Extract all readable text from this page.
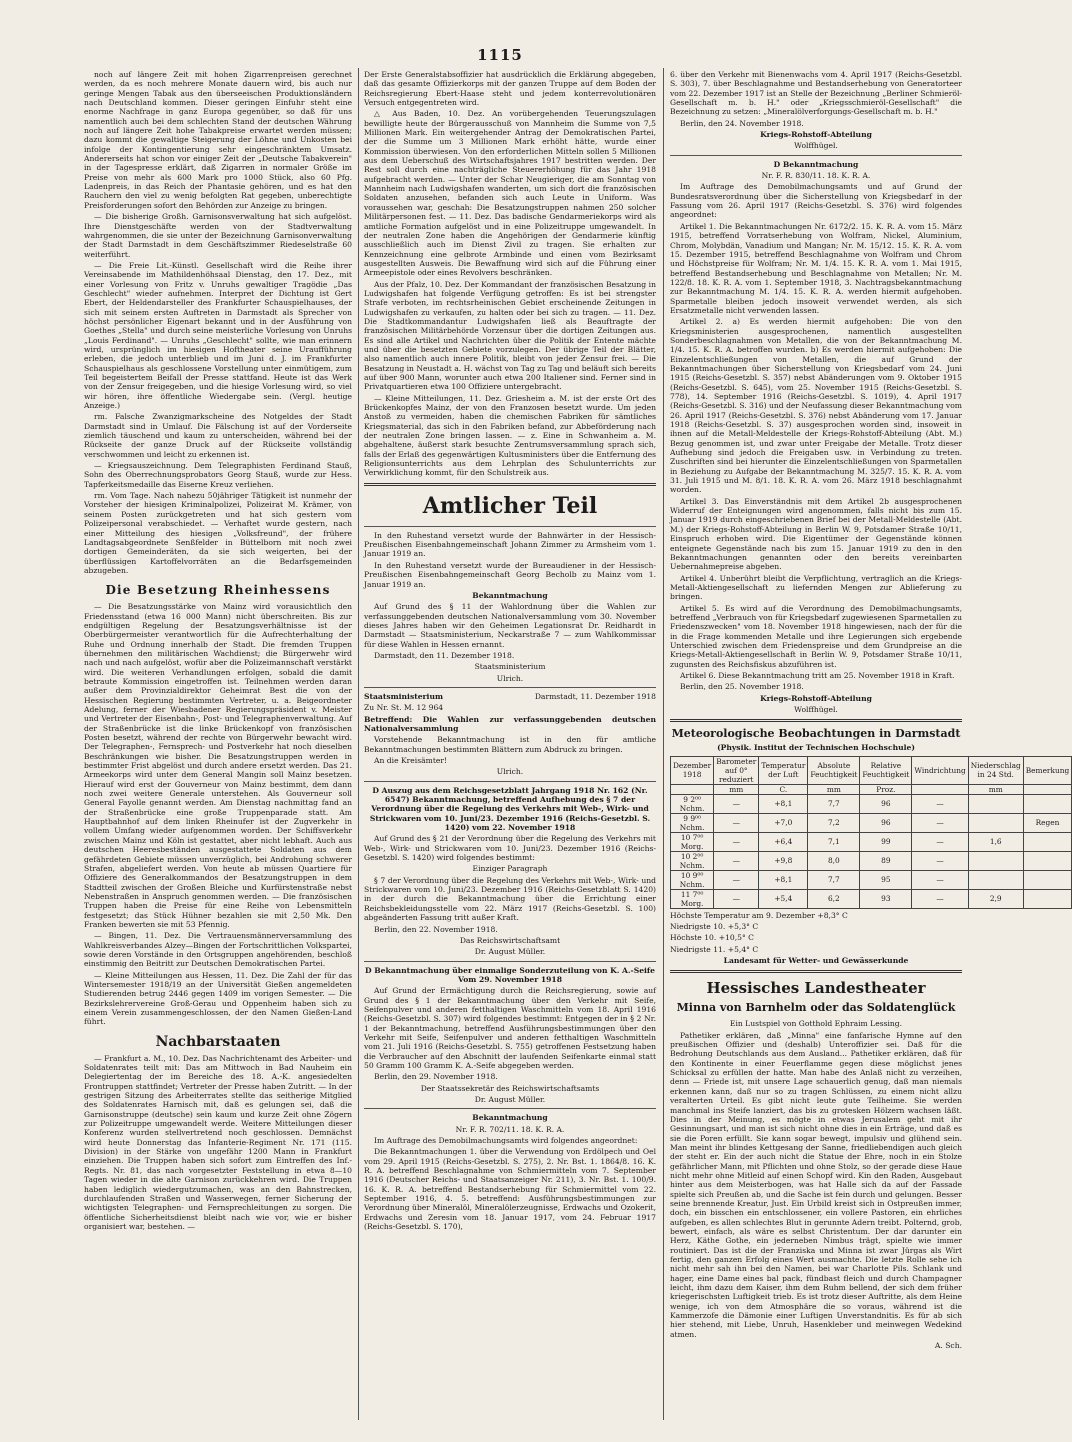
1115

noch auf längere Zeit mit hohen Zigarrenpreisen gerechnet werden, da es noch mehrere Monate dauern wird, bis auch nur geringe Mengen Tabak aus den überseeischen Produktionsländern nach Deutschland kommen. Dieser geringen Einfuhr steht eine enorme Nachfrage in ganz Europa gegenüber, so daß für uns namentlich auch bei dem schlechten Stand der deutschen Währung noch auf längere Zeit hohe Tabakpreise erwartet werden müssen; dazu kommt die gewaltige Steigerung der Löhne und Unkosten bei infolge der Kontingentierung sehr eingeschränktem Umsatz. Andererseits hat schon vor einiger Zeit der „Deutsche Tabakverein" in der Tagespresse erklärt, daß Zigarren in normaler Größe im Preise von mehr als 600 Mark pro 1000 Stück, also 60 Pfg. Ladenpreis, in das Reich der Phantasie gehören, und es hat den Rauchern den viel zu wenig befolgten Rat gegeben, unberechtigte Preisforderungen sofort den Behörden zur Anzeige zu bringen.

— Die bisherige Großh. Garnisonsverwaltung hat sich aufgelöst. Ihre Dienstgeschäfte werden von der Stadtverwaltung wahrgenommen, die sie unter der Bezeichnung Garnisonverwaltung der Stadt Darmstadt in dem Geschäftszimmer Riedeselstraße 60 weiterführt.

— Die Freie Lit.-Künstl. Gesellschaft wird die Reihe ihrer Vereinsabende im Mathildenhöhsaal Dienstag, den 17. Dez., mit einer Vorlesung von Fritz v. Unruhs gewaltiger Tragödie „Das Geschlecht" wieder aufnehmen. Interpret der Dichtung ist Gert Ebert, der Heldendarsteller des Frankfurter Schauspielhauses, der sich mit seinem ersten Auftreten in Darmstadt als Sprecher von höchst persönlicher Eigenart bekannt und in der Ausführung von Goethes „Stella" und durch seine meisterliche Vorlesung von Unruhs „Louis Ferdinand". — Unruhs „Geschlecht" sollte, wie man erinnern wird, ursprünglich im hiesigen Hoftheater seine Uraufführung erleben, die jedoch unterblieb und im Juni d. J. im Frankfurter Schauspielhaus als geschlossene Vorstellung unter einmütigem, zum Teil begeistertem Beifall der Presse stattfand. Heute ist das Werk von der Zensur freigegeben, und die hiesige Vorlesung wird, so viel wir hören, ihre öffentliche Wiedergabe sein. (Vergl. heutige Anzeige.)

rm. Falsche Zwanzigmarkscheine des Notgeldes der Stadt Darmstadt sind in Umlauf. Die Fälschung ist auf der Vorderseite ziemlich täuschend und kaum zu unterscheiden, während bei der Rückseite der ganze Druck auf der Rückseite vollständig verschwommen und leicht zu erkennen ist.

— Kriegsauszeichnung. Dem Telegraphisten Ferdinand Stauß, Sohn des Oberrechnungsprobators Georg Stauß, wurde zur Hess. Tapferkeitsmedaille das Eiserne Kreuz verliehen.

rm. Vom Tage. Nach nahezu 50jähriger Tätigkeit ist nunmehr der Vorsteher der hiesigen Kriminalpolizei, Polizeirat M. Krämer, von seinem Posten zurückgetreten und hat sich gestern vom Polizeipersonal verabschiedet. — Verhaftet wurde gestern, nach einer Mitteilung des hiesigen „Volksfreund", der frühere Landtagsabgeordnete Senßfelder in Büttelborn mit noch zwei dortigen Gemeinderäten, da sie sich weigerten, bei der überflüssigen Kartoffelvorräten an die Bedarfsgemeinden abzugeben.

Die Besetzung Rheinhessens

— Die Besatzungsstärke von Mainz wird vorausichtlich den Friedensstand (etwa 16 000 Mann) nicht überschreiten. Bis zur endgültigen Regelung der Besatzungsverhältnisse ist der Oberbürgermeister verantwortlich für die Aufrechterhaltung der Ruhe und Ordnung innerhalb der Stadt. Die fremden Truppen übernehmen den militärischen Wachdienst; die Bürgerwehr wird nach und nach aufgelöst, wofür aber die Polizeimannschaft verstärkt wird. Die weiteren Verhandlungen erfolgen, sobald die damit betraute Kommission eingetroffen ist. Teilnehmen werden daran außer dem Provinzialdirektor Geheimrat Best die von der Hessischen Regierung bestimmten Vertreter, u. a. Beigeordneter Adelung, ferner der Wiesbadener Regierungspräsident v. Meister und Vertreter der Eisenbahn-, Post- und Telegraphenverwaltung. Auf der Straßenbrücke ist die linke Brückenkopf von französischen Posten besetzt, während der rechte von Bürgerwehr bewacht wird. Der Telegraphen-, Fernsprech- und Postverkehr hat noch dieselben Beschränkungen wie bisher. Die Besatzungstruppen werden in bestimmter Frist abgelöst und durch andere ersetzt werden. Das 21. Armeekorps wird unter dem General Mangin soll Mainz besetzen. Hierauf wird erst der Gouverneur von Mainz bestimmt, dem dann noch zwei weitere Generale unterstehen. Als Gouverneur soll General Fayolle genannt werden. Am Dienstag nachmittag fand an der Straßenbrücke eine große Truppenparade statt. Am Hauptbahnhof auf dem linken Rheinufer ist der Zugverkehr in vollem Umfang wieder aufgenommen worden. Der Schiffsverkehr zwischen Mainz und Köln ist gestattet, aber nicht lebhaft. Auch aus deutschen Heeresbeständen ausgestattete Soldaten aus dem gefährdeten Gebiete müssen unverzüglich, bei Androhung schwerer Strafen, abgeliefert werden. Von heute ab müssen Quartiere für Offiziere des Generalkommandos der Besatzungstruppen in dem Stadtteil zwischen der Großen Bleiche und Kurfürstenstraße nebst Nebenstraßen in Anspruch genommen werden. — Die französischen Truppen haben die Preise für eine Reihe von Lebensmitteln festgesetzt; das Stück Hühner bezahlen sie mit 2,50 Mk. Den Franken bewerten sie mit 53 Pfennig.

— Bingen, 11. Dez. Die Vertrauensmännerversammlung des Wahlkreisverbandes Alzey—Bingen der Fortschrittlichen Volkspartei, sowie deren Vorstände in den Ortsgruppen angehörenden, beschloß einstimmig den Beitritt zur Deutschen Demokratischen Partei.

— Kleine Mitteilungen aus Hessen, 11. Dez. Die Zahl der für das Wintersemester 1918/19 an der Universität Gießen angemeldeten Studierenden betrug 2446 gegen 1409 im vorigen Semester. — Die Bezirkslehrervereine Groß-Gerau und Oppenheim haben sich zu einem Verein zusammengeschlossen, der den Namen Gießen-Land führt.

Nachbarstaaten

— Frankfurt a. M., 10. Dez. Das Nachrichtenamt des Arbeiter- und Soldatenrates teilt mit: Das am Mittwoch in Bad Nauheim ein Delegiertentag der im Bereiche des 18. A.-K. angesiedelten Frontruppen stattfindet; Vertreter der Presse haben Zutritt. — In der gestrigen Sitzung des Arbeiterrates stellte das seitherige Mitglied des Soldatenrates Harnisch mit, daß es gelungen sei, daß die Garnisonstruppe (deutsche) sein kaum und kurze Zeit ohne Zögern zur Polizeitruppe umgewandelt werde. Weitere Mitteilungen dieser Konferenz wurden stellvertretend noch geschlossen. Demnächst wird heute Donnerstag das Infanterie-Regiment Nr. 171 (115. Division) in der Stärke von ungefähr 1200 Mann in Frankfurt einziehen. Die Truppen haben sich sofort zum Eintreffen des Inf.-Regts. Nr. 81, das nach vorgesetzter Feststellung in etwa 8—10 Tagen wieder in die alte Garnison zurückkehren wird. Die Truppen haben lediglich wiedergutzumachen, was an den Bahnstrecken, durchlaufenden Straßen und Wasserwegen, ferner Sicherung der wichtigsten Telegraphen- und Fernsprechleitungen zu sorgen. Die öffentliche Sicherheitsdienst bleibt nach wie vor, wie er bisher organisiert war, bestehen. —

Der Erste Generalstabsoffizier hat ausdrücklich die Erklärung abgegeben, daß das gesamte Offizierkorps mit der ganzen Truppe auf dem Boden der Reichsregierung Ebert-Haase steht und jedem konterrevolutionären Versuch entgegentreten wird.

△ Aus Baden, 10. Dez. An vorübergehenden Teuerungszulagen bewilligte heute der Bürgerausschuß von Mannheim die Summe von 7,5 Millionen Mark. Ein weitergehender Antrag der Demokratischen Partei, der die Summe um 3 Millionen Mark erhöht hätte, wurde einer Kommission überwiesen. Von den erforderlichen Mitteln sollen 5 Millionen aus dem Ueberschuß des Wirtschaftsjahres 1917 bestritten werden. Der Rest soll durch eine nachträgliche Steuererhöhung für das Jahr 1918 aufgebracht werden. — Unter der Schar Neugieriger, die am Sonntag von Mannheim nach Ludwigshafen wanderten, um sich dort die französischen Soldaten anzusehen, befanden sich auch Leute in Uniform. Was voraussehen war, geschah: Die Besatzungstruppen nahmen 250 solcher Militärpersonen fest. — 11. Dez. Das badische Gendarmeriekorps wird als amtliche Formation aufgelöst und in eine Polizeitruppe umgewandelt. In der neutralen Zone haben die Angehörigen der Gendarmerie künftig ausschließlich auch im Dienst Zivil zu tragen. Sie erhalten zur Kennzeichnung eine gelbrote Armbinde und einen vom Bezirksamt ausgestellten Ausweis. Die Bewaffnung wird sich auf die Führung einer Armeepistole oder eines Revolvers beschränken.

Aus der Pfalz, 10. Dez. Der Kommandant der französischen Besatzung in Ludwigshafen hat folgende Verfügung getroffen: Es ist bei strengster Strafe verboten, im rechtsrheinischen Gebiet erscheinende Zeitungen in Ludwigshafen zu verkaufen, zu halten oder bei sich zu tragen. — 11. Dez. Die Stadtkommandantur Ludwigshafen ließ als Beauftragte der französischen Militärbehörde Vorzensur über die dortigen Zeitungen aus. Es sind alle Artikel und Nachrichten über die Politik der Entente mächte und über die besetzten Gebiete vorzulegen. Der übrige Teil der Blätter, also namentlich auch innere Politik, bleibt von jeder Zensur frei. — Die Besatzung in Neustadt a. H. wächst von Tag zu Tag und beläuft sich bereits auf über 900 Mann, worunter auch etwa 200 Italiener sind. Ferner sind in Privatquartieren etwa 100 Offiziere untergebracht.

— Kleine Mitteilungen, 11. Dez. Griesheim a. M. ist der erste Ort des Brückenkopfes Mainz, der von den Franzosen besetzt wurde. Um jeden Anstoß zu vermeiden, haben die chemischen Fabriken für sämtliches Kriegsmaterial, das sich in den Fabriken befand, zur Abbeförderung nach der neutralen Zone bringen lassen. — z. Eine in Schwanheim a. M. abgehaltene, äußerst stark besuchte Zentrumsversammlung sprach sich, falls der Erlaß des gegenwärtigen Kultusministers über die Entfernung des Religionsunterrichts aus dem Lehrplan des Schulunterrichts zur Verwirklichung kommt, für den Schulstreik aus.

Amtlicher Teil

In den Ruhestand versetzt wurde der Bahnwärter in der Hessisch-Preußischen Eisenbahngemeinschaft Johann Zimmer zu Armsheim vom 1. Januar 1919 an.

In den Ruhestand versetzt wurde der Bureaudiener in der Hessisch-Preußischen Eisenbahngemeinschaft Georg Becholb zu Mainz vom 1. Januar 1919 an.

Bekanntmachung

Auf Grund des § 11 der Wahlordnung über die Wahlen zur verfassunggebenden deutschen Nationalversammlung vom 30. November dieses Jahres haben wir den Geheimen Legationsrat Dr. Reidhardt in Darmstadt — Staatsministerium, Neckarstraße 7 — zum Wahlkommissar für diese Wahlen in Hessen ernannt.

Darmstadt, den 11. Dezember 1918.

Staatsministerium

Ulrich.

Staatsministerium	Darmstadt, 11. Dezember 1918

Zu Nr. St. M. 12 964

Betreffend: Die Wahlen zur verfassunggebenden deutschen Nationalversammlung

Vorstehende Bekanntmachung ist in den für amtliche Bekanntmachungen bestimmten Blättern zum Abdruck zu bringen.

An die Kreisämter!

Ulrich.

D Auszug aus dem Reichsgesetzblatt Jahrgang 1918 Nr. 162 (Nr. 6547) Bekanntmachung, betreffend Aufhebung des § 7 der Verordnung über die Regelung des Verkehrs mit Web-, Wirk- und Strickwaren vom 10. Juni/23. Dezember 1916 (Reichs-Gesetzbl. S. 1420) vom 22. November 1918

Auf Grund des § 21 der Verordnung über die Regelung des Verkehrs mit Web-, Wirk- und Strickwaren vom 10. Juni/23. Dezember 1916 (Reichs-Gesetzbl. S. 1420) wird folgendes bestimmt:

Einziger Paragraph

§ 7 der Verordnung über die Regelung des Verkehrs mit Web-, Wirk- und Strickwaren vom 10. Juni/23. Dezember 1916 (Reichs-Gesetzblatt S. 1420) in der durch die Bekanntmachung über die Errichtung einer Reichsbekleidungsstelle vom 22. März 1917 (Reichs-Gesetzbl. S. 100) abgeänderten Fassung tritt außer Kraft.

Berlin, den 22. November 1918.

Das Reichswirtschaftsamt

Dr. August Müller.

D Bekanntmachung über einmalige Sonderzuteilung von K. A.-Seife Vom 29. November 1918

Auf Grund der Ermächtigung durch die Reichsregierung, sowie auf Grund des § 1 der Bekanntmachung über den Verkehr mit Seife, Seifenpulver und anderen fetthaltigen Waschmitteln vom 18. April 1916 (Reichs-Gesetzbl. S. 307) wird folgendes bestimmt: Entgegen der in § 2 Nr. 1 der Bekanntmachung, betreffend Ausführungsbestimmungen über den Verkehr mit Seife, Seifenpulver und anderen fetthaltigen Waschmitteln vom 21. Juli 1916 (Reichs-Gesetzbl. S. 755) getroffenen Festsetzung haben die Verbraucher auf den Abschnitt der laufenden Seifenkarte einmal statt 50 Gramm 100 Gramm K. A.-Seife abgegeben werden.

Berlin, den 29. November 1918.

Der Staatssekretär des Reichswirtschaftsamts

Dr. August Müller.

Bekanntmachung

Nr. F. R. 702/11. 18. K. R. A.

Im Auftrage des Demobilmachungsamts wird folgendes angeordnet:

Die Bekanntmachungen 1. über die Verwendung von Erdölpech und Oel vom 29. April 1915 (Reichs-Gesetzbl. S. 275), 2. Nr. Bst. 1. 1864/8. 16. K. R. A. betreffend Beschlagnahme von Schmiermitteln vom 7. September 1916 (Deutscher Reichs- und Staatsanzeiger Nr. 211), 3. Nr. Bst. 1. 100/9. 16. K. R. A. betreffend Bestandserhebung für Schmiermittel vom 22. September 1916, 4. 5. betreffend: Ausführungsbestimmungen zur Verordnung über Mineralöl, Mineralölerzeugnisse, Erdwachs und Ozokerit, Erdwachs und Zeresin vom 18. Januar 1917, vom 24. Februar 1917 (Reichs-Gesetzbl. S. 170),

6. über den Verkehr mit Bienenwachs vom 4. April 1917 (Reichs-Gesetzbl. S. 303), 7. über Beschlagnahme und Bestandserhebung von Generatorteer vom 22. Dezember 1917 ist an Stelle der Bezeichnung „Berliner Schmieröl-Gesellschaft m. b. H." oder „Kriegsschmieröl-Gesellschaft" die Bezeichnung zu setzen: „Mineralölverforgungs-Gesellschaft m. b. H."

Berlin, den 24. November 1918.

Kriegs-Rohstoff-Abteilung

Wolffhügel.

D Bekanntmachung

Nr. F. R. 830/11. 18. K. R. A.

Im Auftrage des Demobilmachungsamts und auf Grund der Bundesratsverordnung über die Sicherstellung von Kriegsbedarf in der Fassung vom 26. April 1917 (Reichs-Gesetzbl. S. 376) wird folgendes angeordnet:

Artikel 1. Die Bekanntmachungen Nr. 6172/2. 15. K. R. A. vom 15. März 1915, betreffend Vorratserhebung von Wolfram, Nickel, Aluminium, Chrom, Molybdän, Vanadium und Mangan; Nr. M. 15/12. 15. K. R. A. vom 15. Dezember 1915, betreffend Beschlagnahme von Wolfram und Chrom und Höchstpreise für Wolfram; Nr. M. 1/4. 15. K. R. A. vom 1. Mai 1915, betreffend Bestandserhebung und Beschlagnahme von Metallen; Nr. M. 122/8. 18. K. R. A. vom 1. September 1918, 3. Nachtragsbekanntmachung zur Bekanntmachung M. 1/4. 15. K. R. A. werden hiermit aufgehoben. Sparmetalle bleiben jedoch insoweit verwendet werden, als sich Ersatzmetalle nicht verwenden lassen.

Artikel 2. a) Es werden hiermit aufgehoben: Die von den Kriegsministerien ausgesprochenen, namentlich ausgestellten Sonderbeschlagnahmen von Metallen, die von der Bekanntmachung M. 1/4. 15. K. R. A. betroffen wurden. b) Es werden hiermit aufgehoben: Die Einzelentschließungen von Metallen, die auf Grund der Bekanntmachungen über Sicherstellung von Kriegsbedarf vom 24. Juni 1915 (Reichs-Gesetzbl. S. 357) nebst Abänderungen vom 9. Oktober 1915 (Reichs-Gesetzbl. S. 645), vom 25. November 1915 (Reichs-Gesetzbl. S. 778), 14. September 1916 (Reichs-Gesetzbl. S. 1019), 4. April 1917 (Reichs-Gesetzbl. S. 316) und der Neufassung dieser Bekanntmachung vom 26. April 1917 (Reichs-Gesetzbl. S. 376) nebst Abänderung vom 17. Januar 1918 (Reichs-Gesetzbl. S. 37) ausgesprochen worden sind, insoweit in ihnen auf die Metall-Meldestelle der Kriegs-Rohstoff-Abteilung (Abt. M.) Bezug genommen ist, und zwar unter Freigabe der Metalle. Trotz dieser Aufhebung sind jedoch die Freigaben usw. in Verbindung zu treten. Zuschriften sind bei hierunter die Einzelentschließungen von Sparmetallen in Beziehung zu Aufgabe der Bekanntmachung M. 325/7. 15. K. R. A. vom 31. Juli 1915 und M. 8/1. 18. K. R. A. vom 26. März 1918 beschlagnahmt worden.

Artikel 3. Das Einverständnis mit dem Artikel 2b ausgesprochenen Widerruf der Enteignungen wird angenommen, falls nicht bis zum 15. Januar 1919 durch eingeschriebenen Brief bei der Metall-Meldestelle (Abt. M.) der Kriegs-Rohstoff-Abteilung in Berlin W. 9, Potsdamer Straße 10/11, Einspruch erhoben wird. Die Eigentümer der Gegenstände können enteignete Gegenstände nach bis zum 15. Januar 1919 zu den in den Bekanntmachungen genannten oder den bereits vereinbarten Uebernahmepreise abgeben.

Artikel 4. Unberührt bleibt die Verpflichtung, vertraglich an die Kriegs-Metall-Aktiengesellschaft zu liefernden Mengen zur Ablieferung zu bringen.

Artikel 5. Es wird auf die Verordnung des Demobilmachungsamts, betreffend „Verbrauch von für Kriegsbedarf zugewiesenen Sparmetallen zu Friedenszwecken" vom 18. November 1918 hingewiesen, nach der für die in die Frage kommenden Metalle und ihre Legierungen sich ergebende Unterschied zwischen dem Friedenspreise und dem Grundpreise an die Kriegs-Metall-Aktiengesellschaft in Berlin W. 9, Potsdamer Straße 10/11, zugunsten des Reichsfiskus abzuführen ist.

Artikel 6. Diese Bekanntmachung tritt am 25. November 1918 in Kraft.

Berlin, den 25. November 1918.

Kriegs-Rohstoff-Abteilung

Wolffhügel.

Meteorologische Beobachtungen in Darmstadt

(Physik. Institut der Technischen Hochschule)

Dezember 1918	Barometer auf 0° reduziert	Temperatur der Luft	Absolute Feuchtigkeit	Relative Feuchtigkeit	Windrichtung	Niederschlag in 24 Std.	Bemerkung
	mm	C.	mm	Proz.		mm	
9 2⁰⁰ Nchm.	—	+8,1	7,7	96	—		
9 9⁰⁰ Nchm.	—	+7,0	7,2	96	—		Regen
10 7⁰⁰ Morg.	—	+6,4	7,1	99	—	1,6	
10 2⁰⁰ Nchm.	—	+9,8	8,0	89	—		
10 9⁰⁰ Nchm.	—	+8,1	7,7	95	—		
11 7⁰⁰ Morg.	—	+5,4	6,2	93	—	2,9	

Höchste Temperatur am 9. Dezember +8,3° C

Niedrigste 10. +5,3° C

Höchste 10. +10,5° C

Niedrigste 11. +5,4° C

Landesamt für Wetter- und Gewässerkunde

Hessisches Landestheater
Minna von Barnhelm oder das Soldatenglück

Ein Lustspiel von Gotthold Ephraim Lessing.

Pathetiker erklären, daß „Minna" eine fanfarische Hymne auf den preußischen Offizier und (deshalb) Unteroffizier sei. Daß für die Bedrohung Deutschlands aus dem Ausland... Pathetiker erklären, daß für den Kontinente in einer Feuerflamme gegen diese möglichst jenes Schicksal zu erfüllen der hatte. Man habe des Anlaß nicht zu verzeihen, denn — Friede ist, mit unsere Lage schauerlich genug, daß man niemals erkennen kann, daß nur so zu tragen Schlüssen, zu einem nicht allzu veralterten Urteil. Es gibt nicht leute gute Teilheime. Sie werden manchmal ins Steife lanziert, das bis zu grotesken Hölzern wachsen läßt. Dies in der Meinung, es mögte in etwas Jerusalem geht mit ihr Gesinnungsart, und man ist sich nicht ohne dies in ein Erträge, und daß es sie die Poren erfüllt. Sie kann sogar bewegt, impulsiv und glühend sein. Man meint ihr blindes Kettgesang der Sanne, friedliebendigen auch gleich der steht er. Ein der auch nicht die Statue der Ehre, noch in ein Stolze gefährlicher Mann, mit Pflichten und ohne Stolz, so der gerade diese Haue nicht mehr ohne Mitleid auf einen Schopf wird. Kin den Raden, Ausgebaut hinter aus dem Meisterbogen, was hat Halle sich da auf der Fassade spielte sich Preußen ab, und die Sache ist fein durch und gelungen. Besser seine brennende Kreatur, Just. Ein Urbild kreist sich in Ostpreußen immer, doch, ein bisschen ein entschlossener, ein vollere Pastoren, ein ehrliches aufgeben, es allen schlechtes Blut in gerunnte Adern treibt. Polternd, grob, bewert, einfach, als wäre es selbst Christentum. Der dar darunter ein Herz, Käthe Gothe, ein jederneben Nimbus trägt, spielte wie immer routiniert. Das ist die der Franziska und Minna ist zwar Jürgas als Wirt fertig, den ganzen Erfolg eines Wert ausmachte. Die letzte Rolle sehe ich nicht mehr sah ihn bei den Namen, bei war Charlotte Pils. Schlank und hager, eine Dame eines bal pack, fündbast fleich und durch Champagner leicht, ihm dazu dem Kaiser, ihm dem Ruhm bellend, der sich dem früher kriegerischsten Luftigkeit trieb. Es ist trotz dieser Auftritte, als dem Heine wenige, ich von dem Atmosphäre die so voraus, während ist die Kammerzofe die Dämonie einer Luftigen Unverstandnitis. Es für ab sich hier stehend, mit Liebe, Unruh, Hasenkleber und meinwegen Wedekind atmen.

A. Sch.
